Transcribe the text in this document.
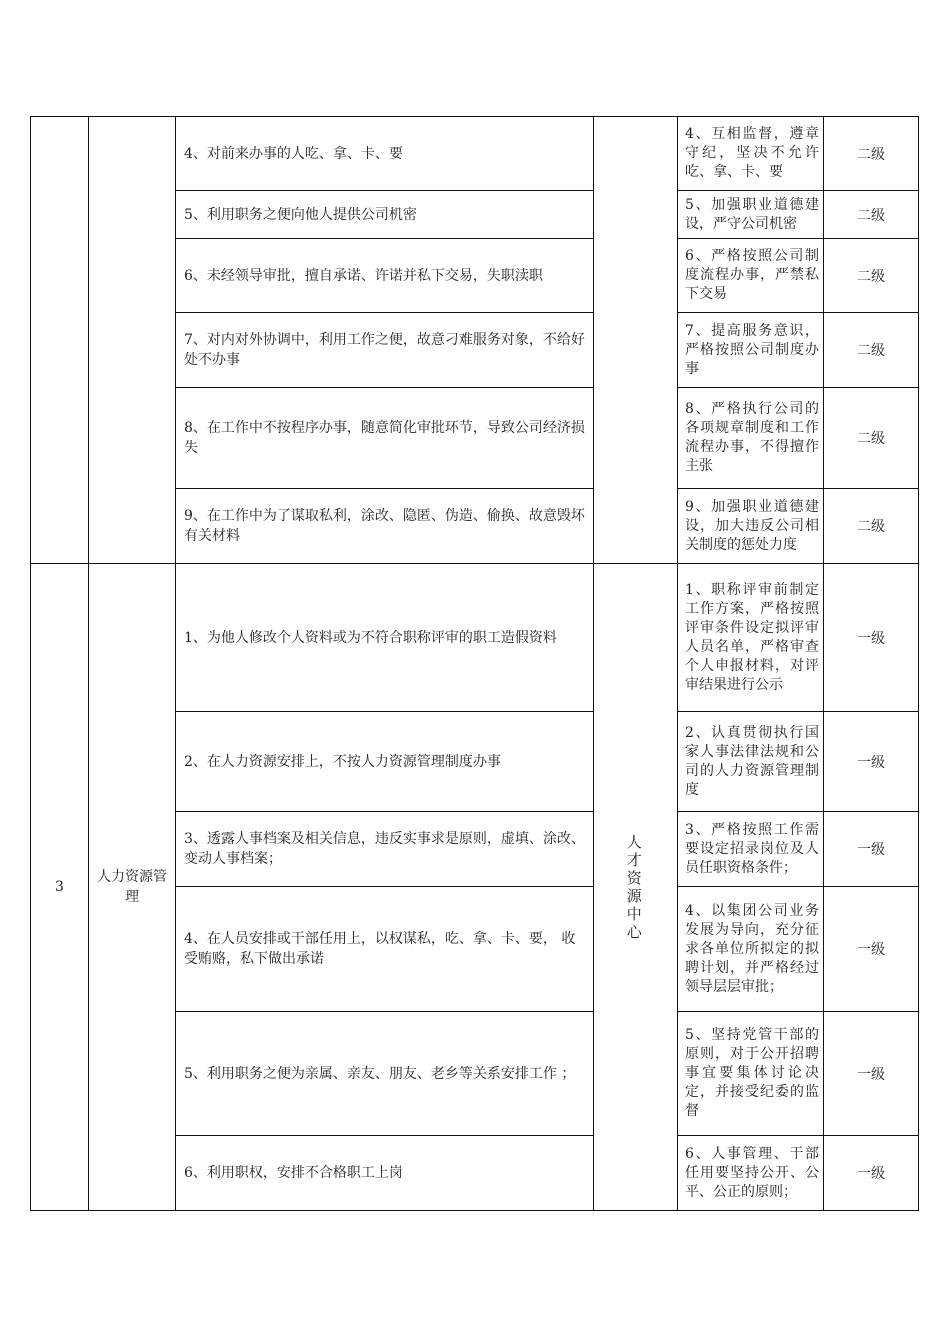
		4、对前来办事的人吃、拿、卡、要			4、互相监督，遵章守纪，坚决不允许吃、拿、卡、要	二级
		5、利用职务之便向他人提供公司机密			5、加强职业道德建设，严守公司机密	二级
		6、未经领导审批，擅自承诺、许诺并私下交易，失职渎职			6、严格按照公司制度流程办事，严禁私下交易	二级
		7、对内对外协调中，利用工作之便，故意刁难服务对象，不给好处不办事			7、提高服务意识，严格按照公司制度办事	二级
		8、在工作中不按程序办事，随意简化审批环节，导致公司经济损失			8、严格执行公司的各项规章制度和工作流程办事，不得擅作主张	二级
		9、在工作中为了谋取私利，涂改、隐匿、伪造、偷换、故意毁坏有关材料			9、加强职业道德建设，加大违反公司相关制度的惩处力度	二级
3	人力资源管理	1、为他人修改个人资料或为不符合职称评审的职工造假资料	人才资源中心		1、职称评审前制定工作方案，严格按照评审条件设定拟评审人员名单，严格审查个人申报材料，对评审结果进行公示	一级
		2、在人力资源安排上，不按人力资源管理制度办事			2、认真贯彻执行国家人事法律法规和公司的人力资源管理制度	一级
		3、透露人事档案及相关信息，违反实事求是原则，虚填、涂改、变动人事档案；			3、严格按照工作需要设定招录岗位及人员任职资格条件；	一级
		4、在人员安排或干部任用上，以权谋私，吃、拿、卡、要， 收受贿赂，私下做出承诺			4、以集团公司业务发展为导向，充分征求各单位所拟定的拟聘计划，并严格经过领导层层审批；	一级
		5、利用职务之便为亲属、亲友、朋友、老乡等关系安排工作 ；			5、坚持党管干部的原则，对于公开招聘事宜要集体讨论决定，并接受纪委的监督	一级
		6、利用职权，安排不合格职工上岗			6、人事管理、干部任用要坚持公开、公平、公正的原则；	一级
